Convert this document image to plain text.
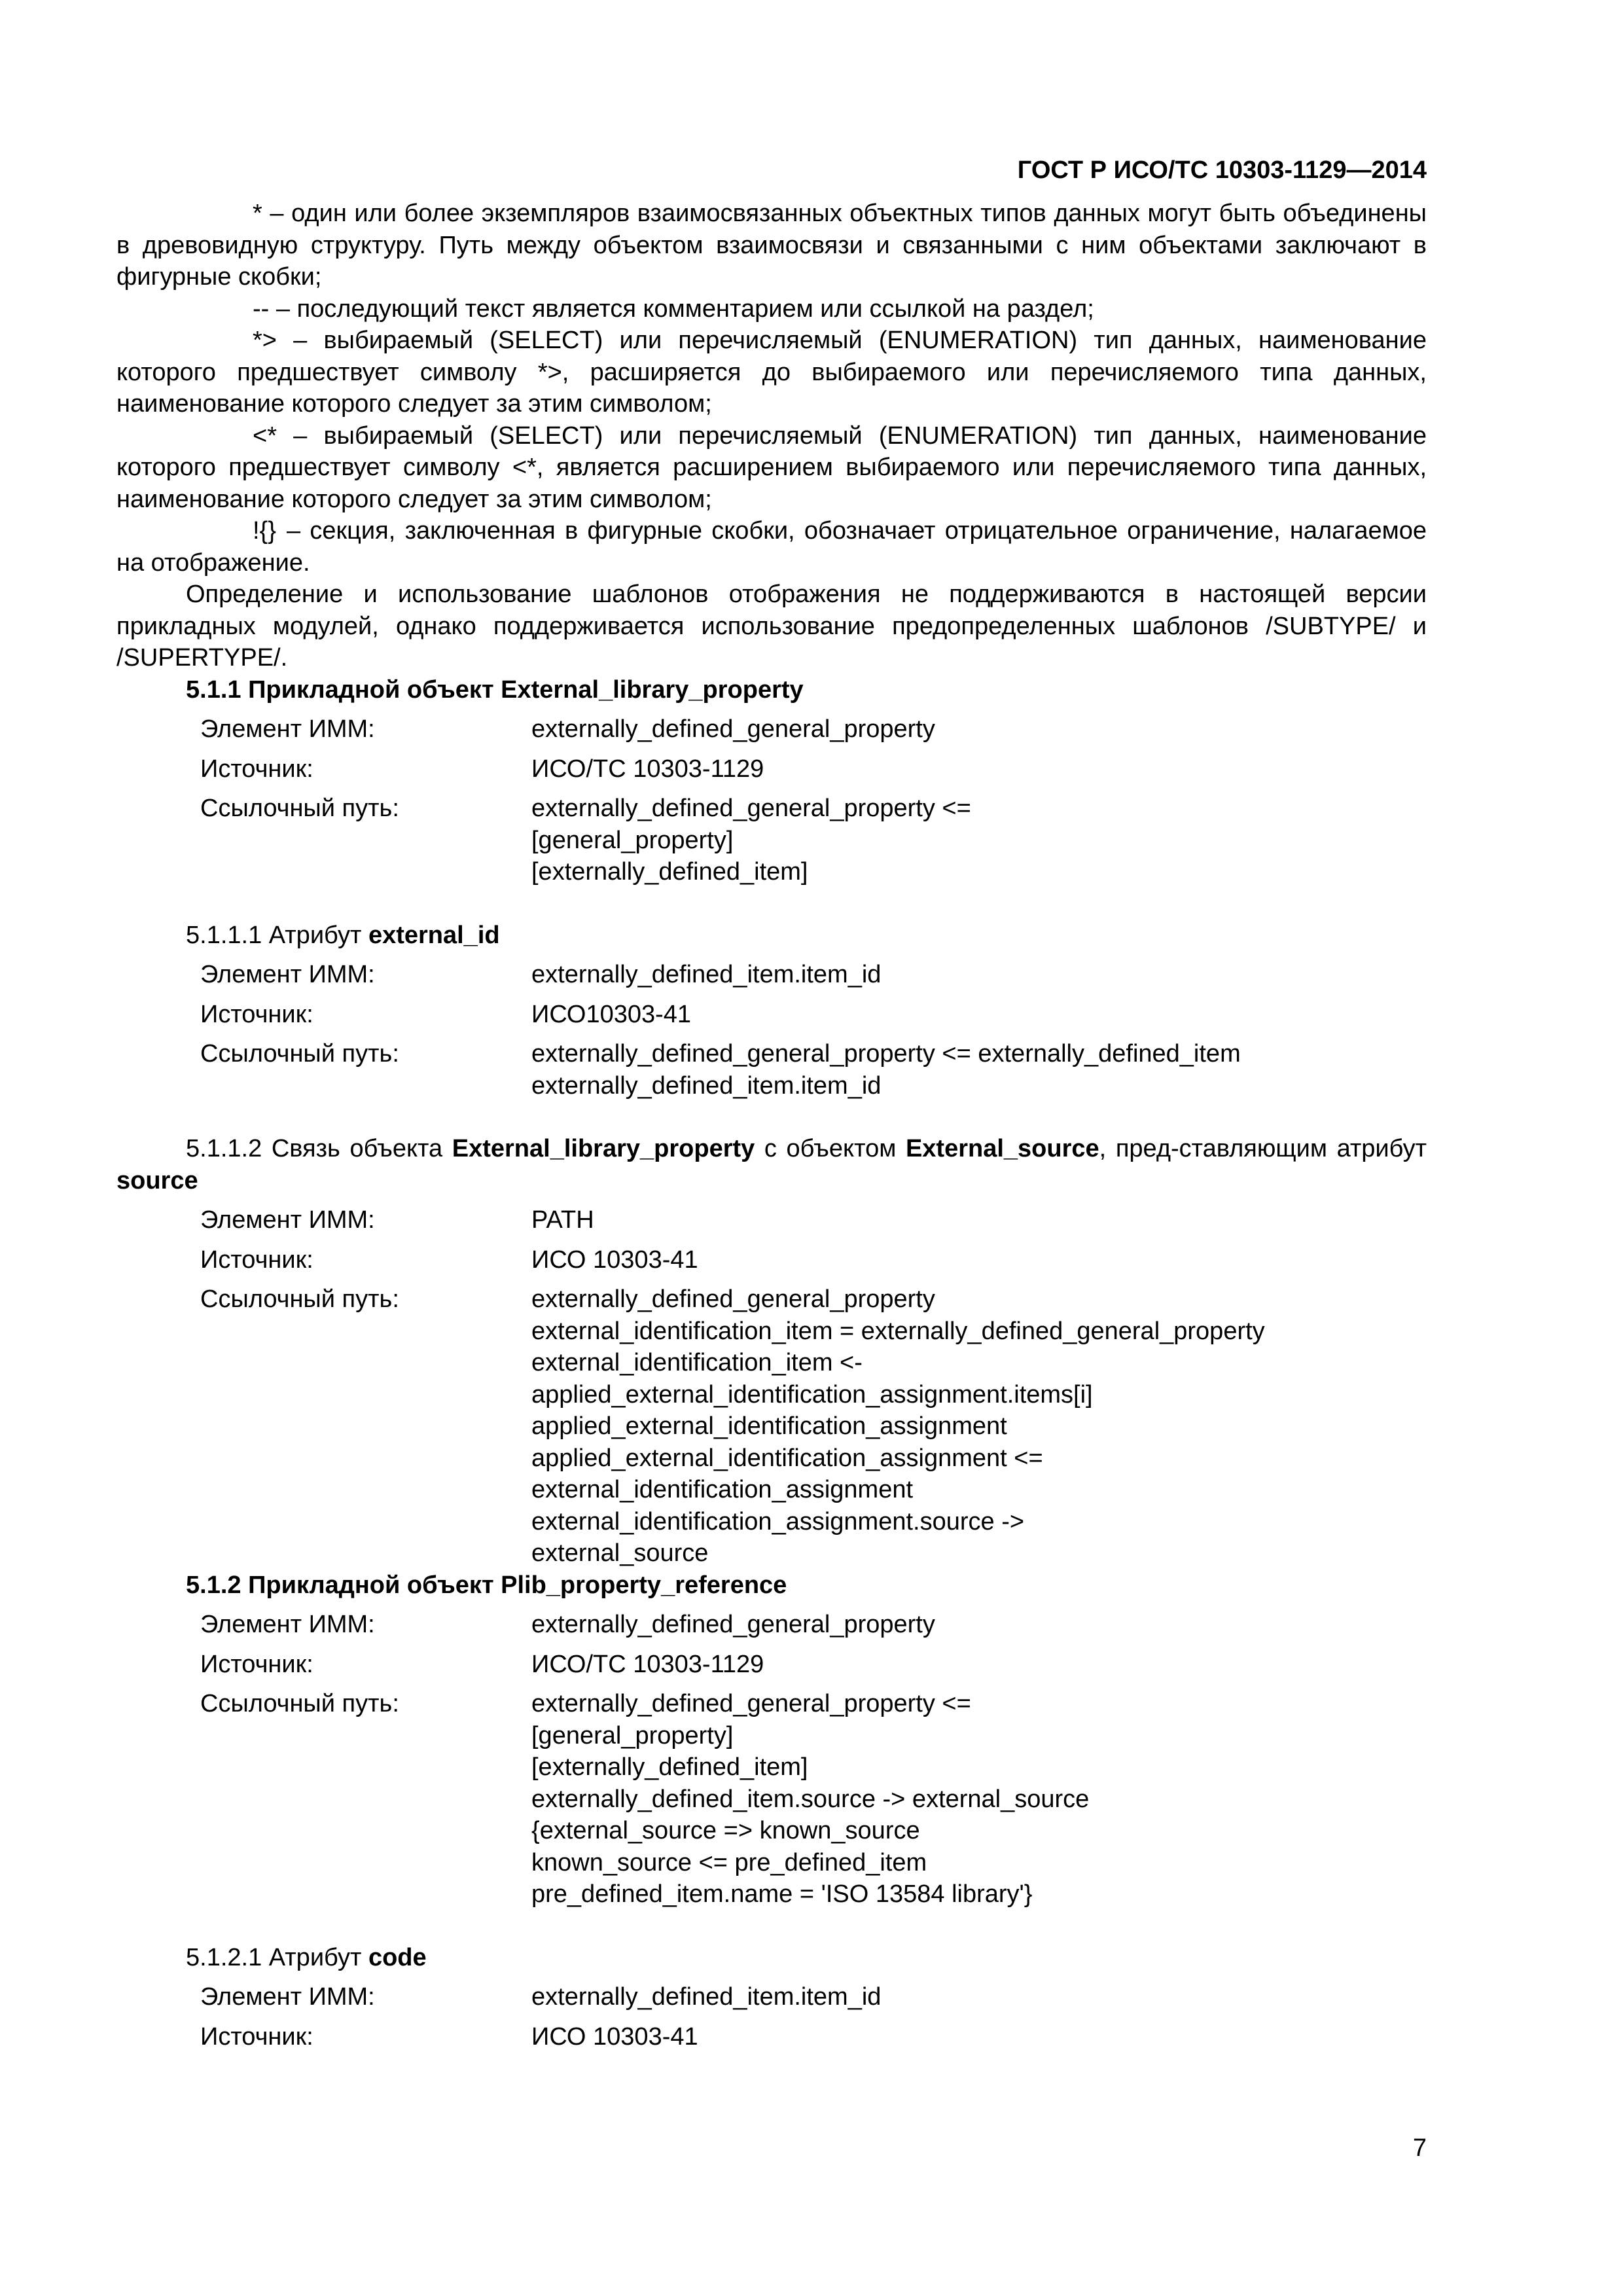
ГОСТ Р ИСО/ТС 10303-1129—2014

* – один или более экземпляров взаимосвязанных объектных типов данных могут быть объединены в древовидную структуру. Путь между объектом взаимосвязи и связанными с ним объектами заключают в фигурные скобки;

-- – последующий текст является комментарием или ссылкой на раздел;

*> – выбираемый (SELECT) или перечисляемый (ENUMERATION) тип данных, наименование которого предшествует символу *>, расширяется до выбираемого или перечисляемого типа данных, наименование которого следует за этим символом;

<* – выбираемый (SELECT) или перечисляемый (ENUMERATION) тип данных, наименование которого предшествует символу <*, является расширением выбираемого или перечисляемого типа данных, наименование которого следует за этим символом;

!{} – секция, заключенная в фигурные скобки, обозначает отрицательное ограничение, налагаемое на отображение.

Определение и использование шаблонов отображения не поддерживаются в настоящей версии прикладных модулей, однако поддерживается использование предопределенных шаблонов /SUBTYPE/ и /SUPERTYPE/.

5.1.1 Прикладной объект External_library_property

Элемент ИММ:	externally_defined_general_property
Источник:	ИСО/ТС 10303-1129
Ссылочный путь:	externally_defined_general_property <=
[general_property]
[externally_defined_item]

5.1.1.1 Атрибут external_id

Элемент ИММ:	externally_defined_item.item_id
Источник:	ИСО10303-41
Ссылочный путь:	externally_defined_general_property <= externally_defined_item
externally_defined_item.item_id

5.1.1.2 Связь объекта External_library_property с объектом External_source, пред-ставляющим атрибут source

Элемент ИММ:	PATH
Источник:	ИСО 10303-41
Ссылочный путь:	externally_defined_general_property
external_identification_item = externally_defined_general_property
external_identification_item <-
applied_external_identification_assignment.items[i]
applied_external_identification_assignment
applied_external_identification_assignment <=
external_identification_assignment
external_identification_assignment.source ->
external_source

5.1.2 Прикладной объект Plib_property_reference

Элемент ИММ:	externally_defined_general_property
Источник:	ИСО/ТС 10303-1129
Ссылочный путь:	externally_defined_general_property <=
[general_property]
[externally_defined_item]
externally_defined_item.source -> external_source
{external_source => known_source
known_source <= pre_defined_item
pre_defined_item.name = 'ISO 13584 library'}

5.1.2.1 Атрибут code

Элемент ИММ:	externally_defined_item.item_id
Источник:	ИСО 10303-41
7
